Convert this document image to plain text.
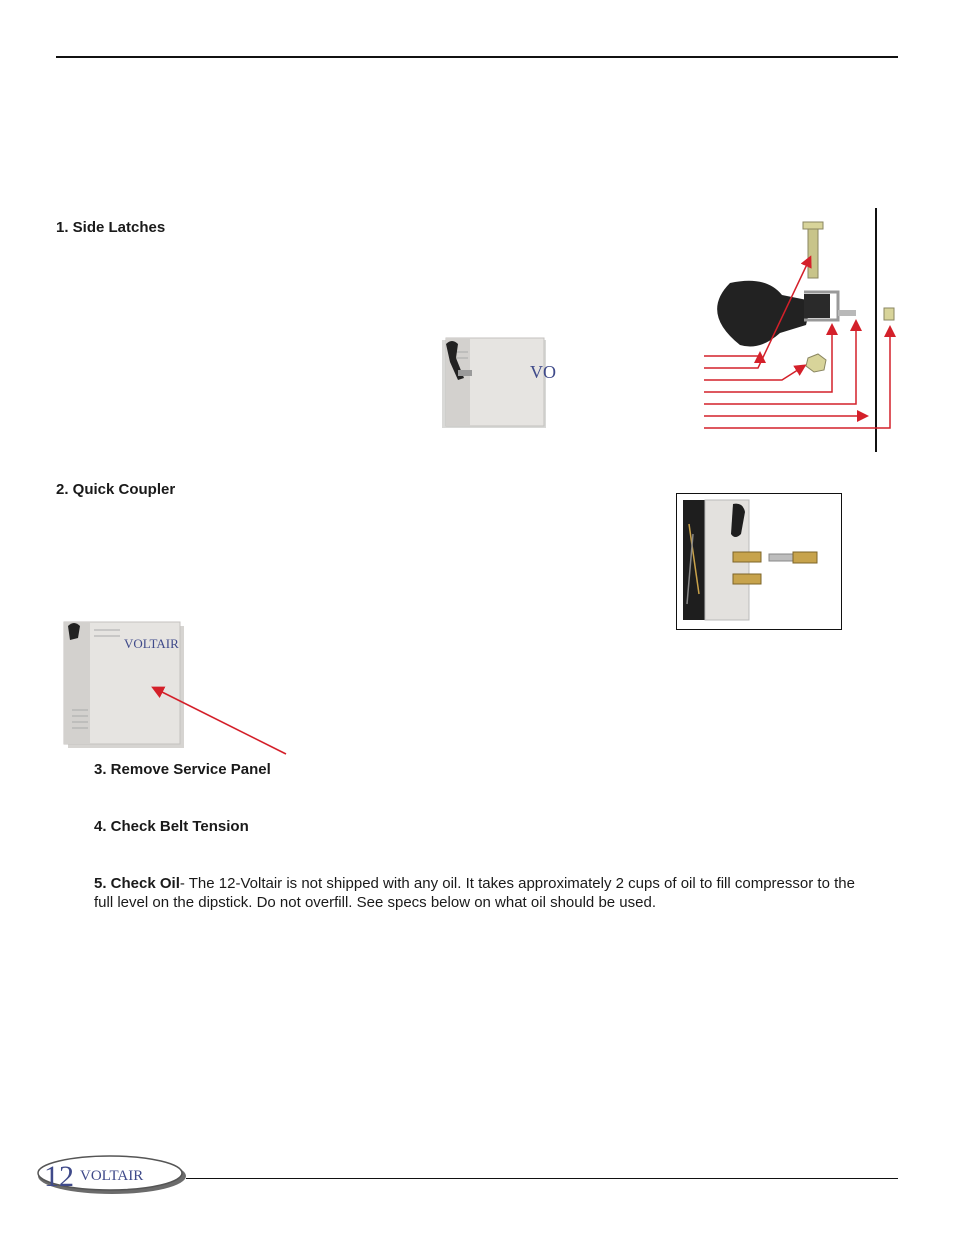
1. Side Latches
VO
2. Quick Coupler
VOLTAIR
3. Remove Service Panel
4. Check Belt Tension
5. Check Oil- The 12-Voltair is not shipped with any oil. It takes approximately 2 cups of oil to fill compressor to the
full level on the dipstick. Do not overfill. See specs below on what oil should be used.
12 VOLTAIR
